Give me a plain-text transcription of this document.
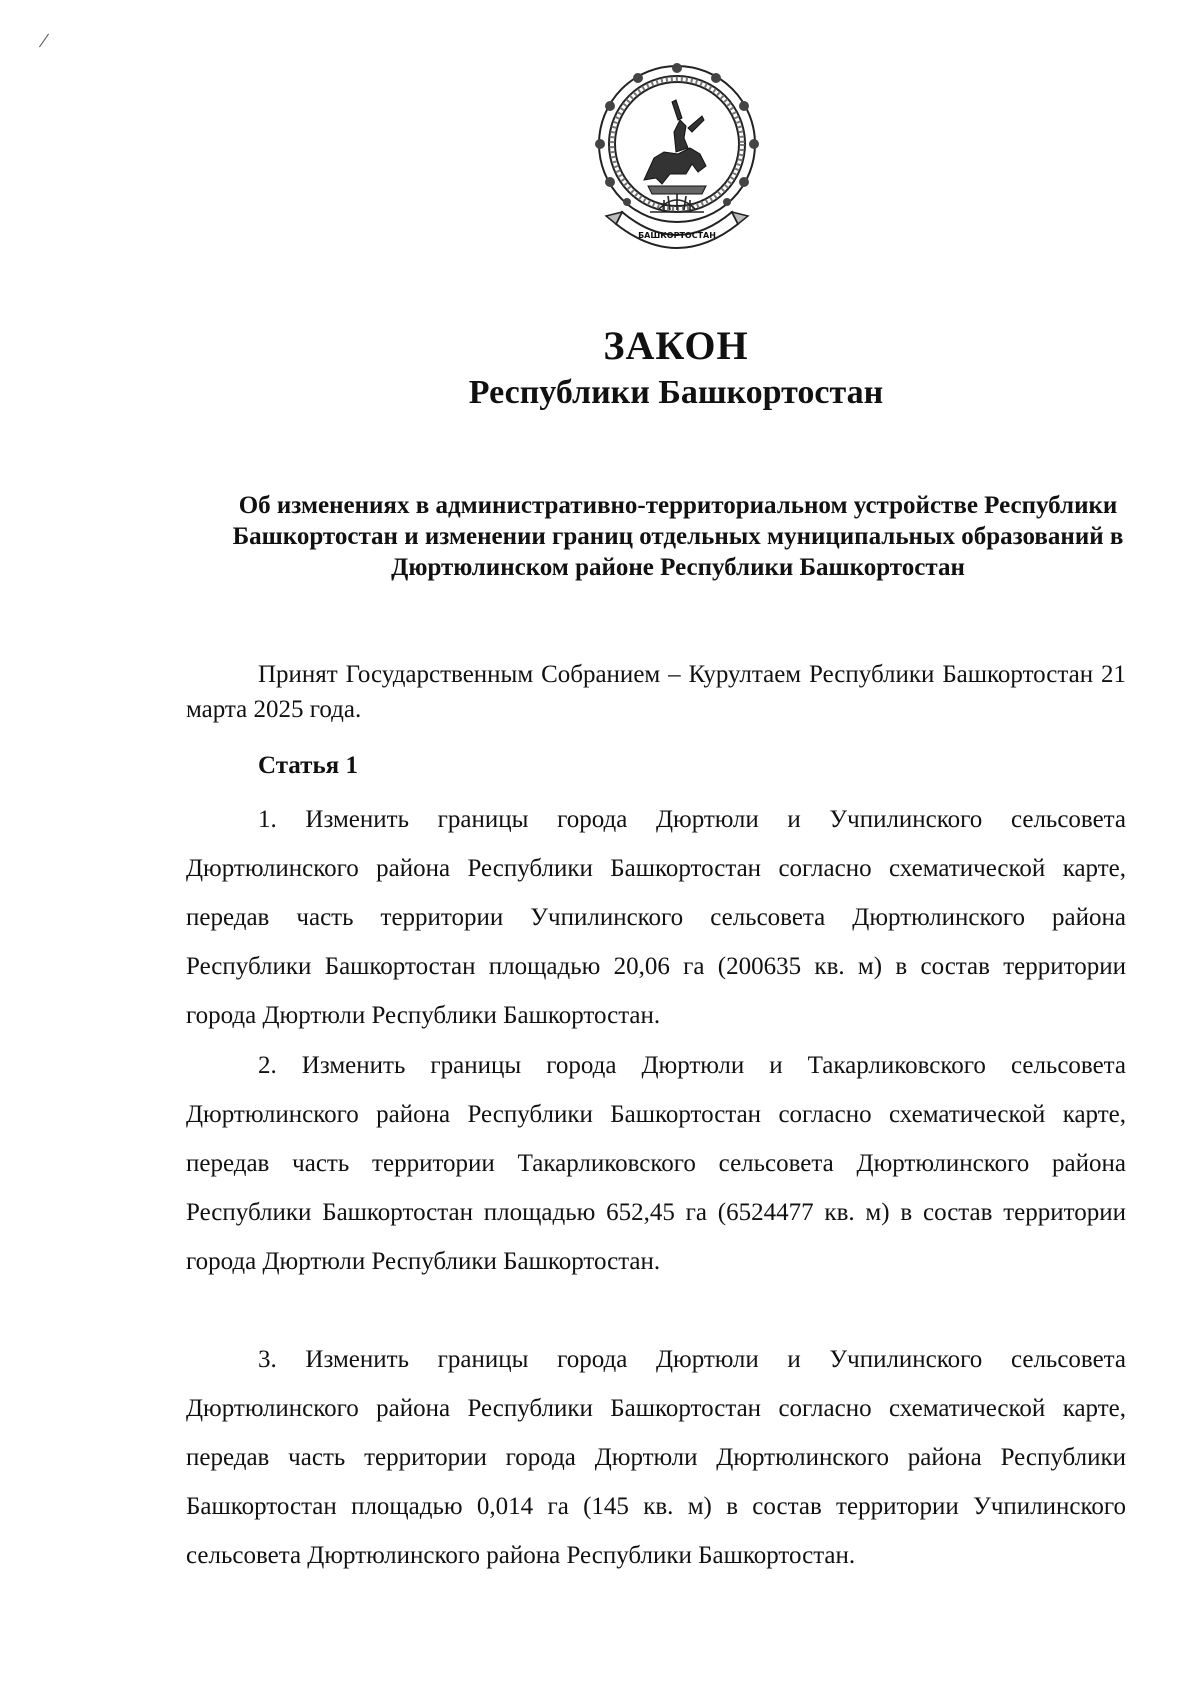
БАШКОРТОСТАН
ЗАКОН
Республики Башкортостан

Об изменениях в административно-территориальном устройстве Республики Башкортостан и изменении границ отдельных муниципальных образований в Дюртюлинском районе Республики Башкортостан

Принят Государственным Собранием – Курултаем Республики Башкортостан 21 марта 2025 года.

Статья 1

1. Изменить границы города Дюртюли и Учпилинского сельсовета Дюртюлинского района Республики Башкортостан согласно схематической карте, передав часть территории Учпилинского сельсовета Дюртюлинского района Республики Башкортостан площадью 20,06 га (200635 кв. м) в состав территории города Дюртюли Республики Башкортостан.

2. Изменить границы города Дюртюли и Такарликовского сельсовета Дюртюлинского района Республики Башкортостан согласно схематической карте, передав часть территории Такарликовского сельсовета Дюртюлинского района Республики Башкортостан площадью 652,45 га (6524477 кв. м) в состав территории города Дюртюли Республики Башкортостан.

3. Изменить границы города Дюртюли и Учпилинского сельсовета Дюртюлинского района Республики Башкортостан согласно схематической карте, передав часть территории города Дюртюли Дюртюлинского района Республики Башкортостан площадью 0,014 га (145 кв. м) в состав территории Учпилинского сельсовета Дюртюлинского района Республики Башкортостан.
